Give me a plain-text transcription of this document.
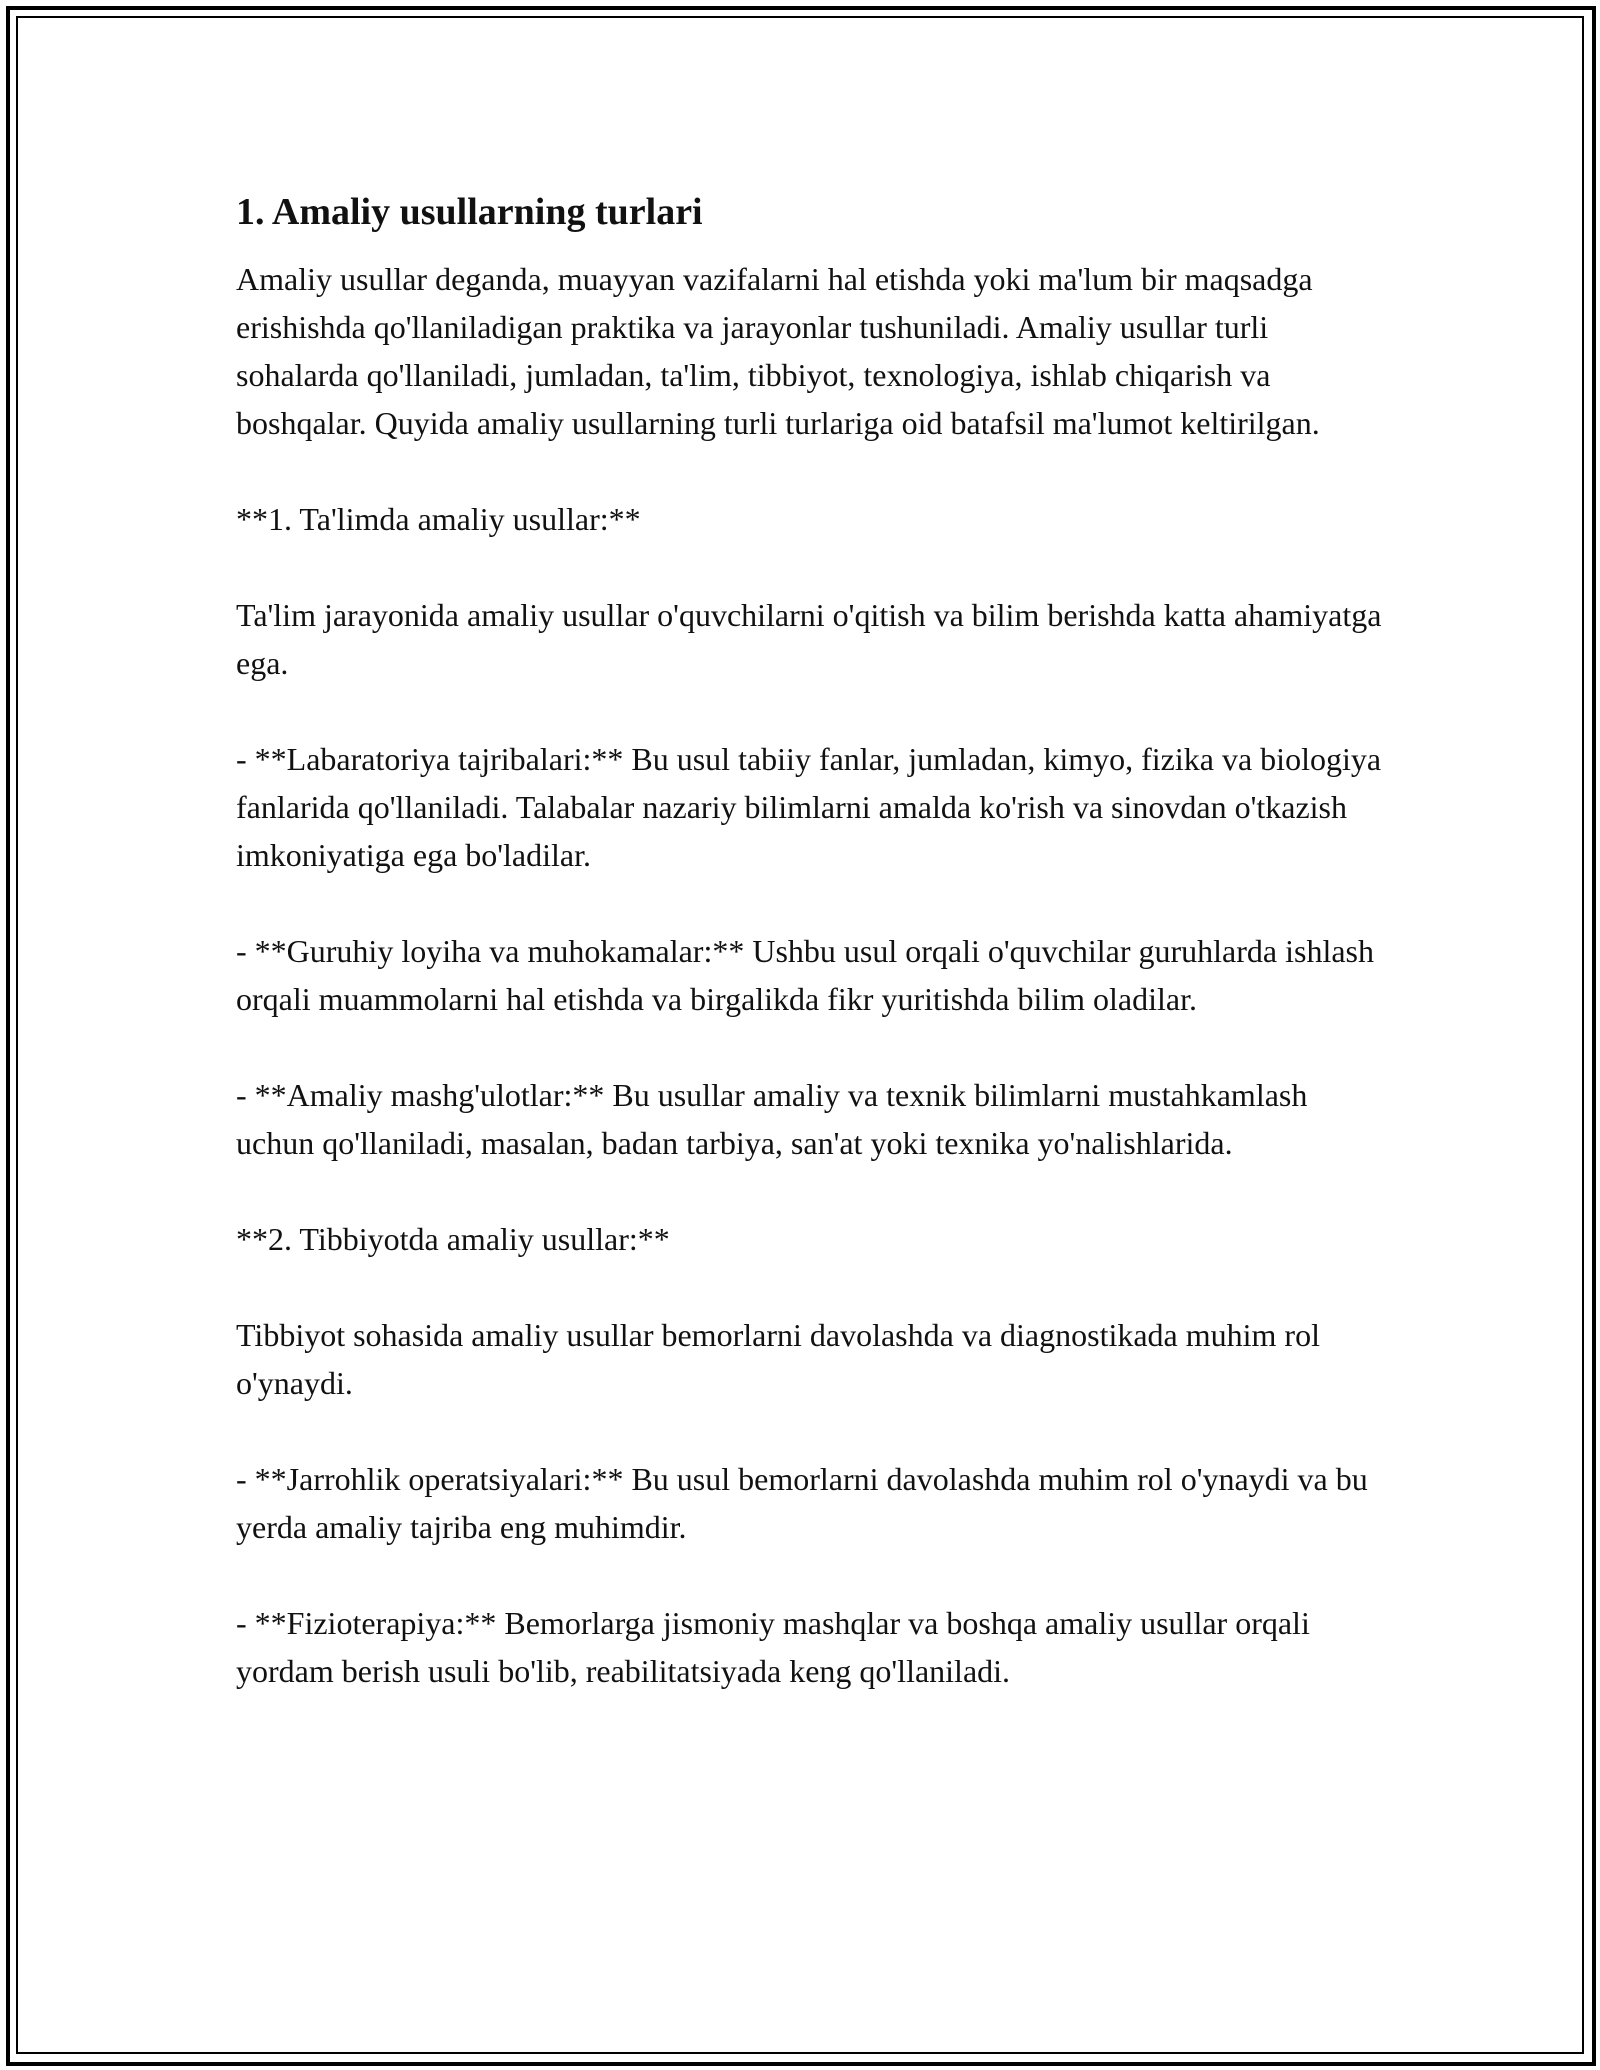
1. Amaliy usullarning turlari

Amaliy usullar deganda, muayyan vazifalarni hal etishda yoki ma'lum bir maqsadga erishishda qo'llaniladigan praktika va jarayonlar tushuniladi. Amaliy usullar turli sohalarda qo'llaniladi, jumladan, ta'lim, tibbiyot, texnologiya, ishlab chiqarish va boshqalar. Quyida amaliy usullarning turli turlariga oid batafsil ma'lumot keltirilgan.

**1. Ta'limda amaliy usullar:**

Ta'lim jarayonida amaliy usullar o'quvchilarni o'qitish va bilim berishda katta ahamiyatga ega.

- **Labaratoriya tajribalari:** Bu usul tabiiy fanlar, jumladan, kimyo, fizika va biologiya fanlarida qo'llaniladi. Talabalar nazariy bilimlarni amalda ko'rish va sinovdan o'tkazish imkoniyatiga ega bo'ladilar.

- **Guruhiy loyiha va muhokamalar:** Ushbu usul orqali o'quvchilar guruhlarda ishlash orqali muammolarni hal etishda va birgalikda fikr yuritishda bilim oladilar.

- **Amaliy mashg'ulotlar:** Bu usullar amaliy va texnik bilimlarni mustahkamlash uchun qo'llaniladi, masalan, badan tarbiya, san'at yoki texnika yo'nalishlarida.

**2. Tibbiyotda amaliy usullar:**

Tibbiyot sohasida amaliy usullar bemorlarni davolashda va diagnostikada muhim rol o'ynaydi.

- **Jarrohlik operatsiyalari:** Bu usul bemorlarni davolashda muhim rol o'ynaydi va bu yerda amaliy tajriba eng muhimdir.

- **Fizioterapiya:** Bemorlarga jismoniy mashqlar va boshqa amaliy usullar orqali yordam berish usuli bo'lib, reabilitatsiyada keng qo'llaniladi.
